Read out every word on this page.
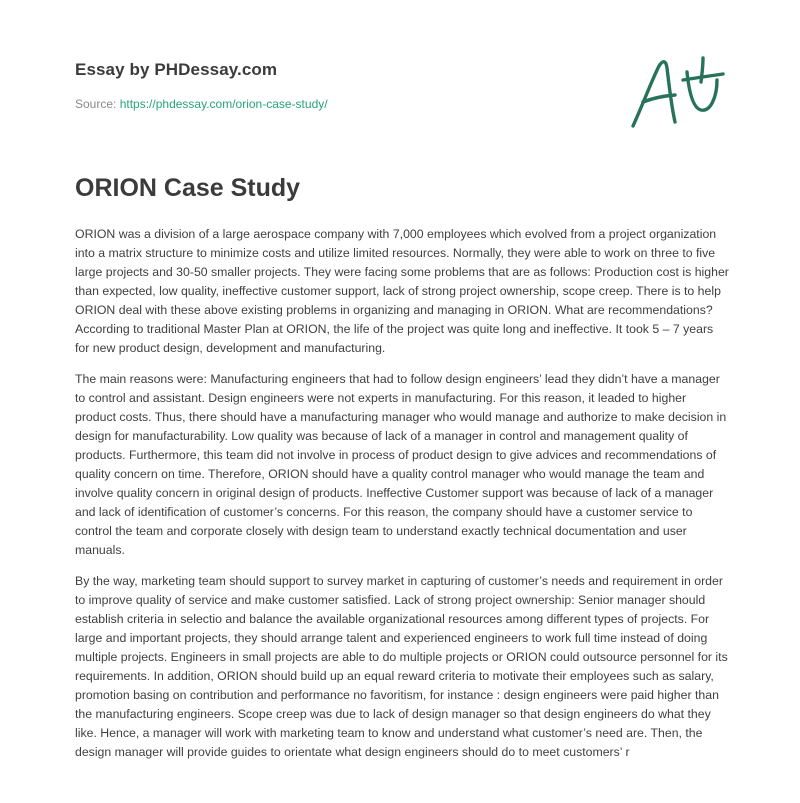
Essay by PHDessay.com
Source: https://phdessay.com/orion-case-study/
ORION Case Study

ORION was a division of a large aerospace company with 7,000 employees which evolved from a project organization into a matrix structure to minimize costs and utilize limited resources. Normally, they were able to work on three to five large projects and 30-50 smaller projects. They were facing some problems that are as follows: Production cost is higher than expected, low quality, ineffective customer support, lack of strong project ownership, scope creep. There is to help ORION deal with these above existing problems in organizing and managing in ORION. What are recommendations? According to traditional Master Plan at ORION, the life of the project was quite long and ineffective. It took 5 – 7 years for new product design, development and manufacturing.

The main reasons were: Manufacturing engineers that had to follow design engineers’ lead they didn’t have a manager to control and assistant. Design engineers were not experts in manufacturing. For this reason, it leaded to higher product costs. Thus, there should have a manufacturing manager who would manage and authorize to make decision in design for manufacturability. Low quality was because of lack of a manager in control and management quality of products. Furthermore, this team did not involve in process of product design to give advices and recommendations of quality concern on time. Therefore, ORION should have a quality control manager who would manage the team and involve quality concern in original design of products. Ineffective Customer support was because of lack of a manager and lack of identification of customer’s concerns. For this reason, the company should have a customer service to control the team and corporate closely with design team to understand exactly technical documentation and user manuals.

By the way, marketing team should support to survey market in capturing of customer’s needs and requirement in order to improve quality of service and make customer satisfied. Lack of strong project ownership: Senior manager should establish criteria in selectio and balance the available organizational resources among different types of projects. For large and important projects, they should arrange talent and experienced engineers to work full time instead of doing multiple projects. Engineers in small projects are able to do multiple projects or ORION could outsource personnel for its requirements. In addition, ORION should build up an equal reward criteria to motivate their employees such as salary, promotion basing on contribution and performance no favoritism, for instance : design engineers were paid higher than the manufacturing engineers. Scope creep was due to lack of design manager so that design engineers do what they like. Hence, a manager will work with marketing team to know and understand what customer’s need are. Then, the design manager will provide guides to orientate what design engineers should do to meet customers’ r
